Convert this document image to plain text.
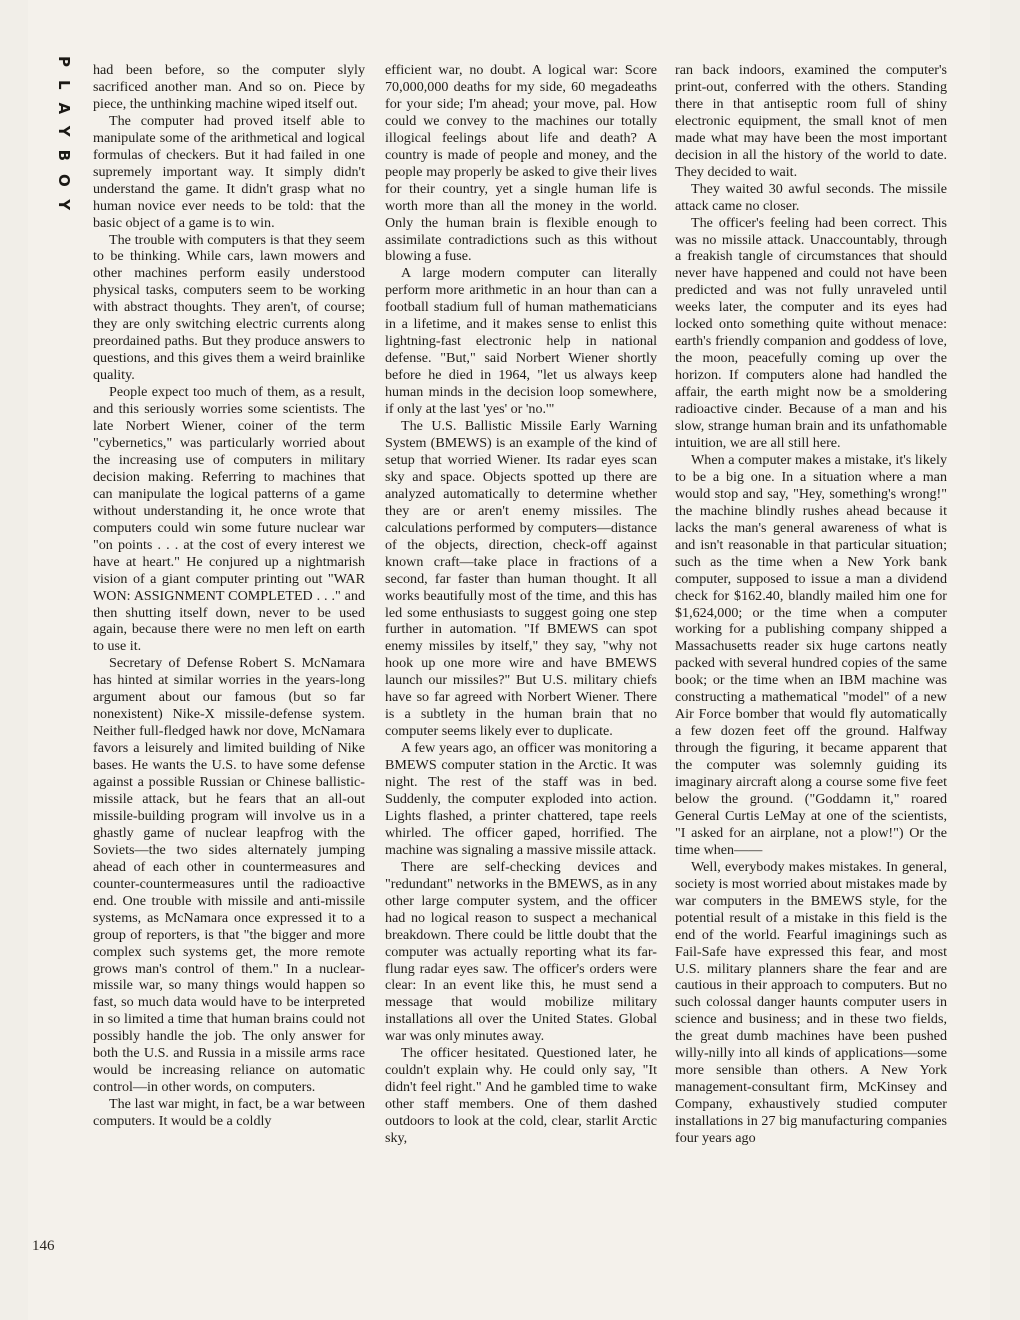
PLAYBOY
146

had been before, so the computer slyly sacrificed another man. And so on. Piece by piece, the unthinking machine wiped itself out.

The computer had proved itself able to manipulate some of the arithmetical and logical formulas of checkers. But it had failed in one supremely important way. It simply didn't understand the game. It didn't grasp what no human novice ever needs to be told: that the basic object of a game is to win.

The trouble with computers is that they seem to be thinking. While cars, lawn mowers and other machines perform easily understood physical tasks, computers seem to be working with abstract thoughts. They aren't, of course; they are only switching electric currents along preordained paths. But they produce answers to questions, and this gives them a weird brainlike quality.

People expect too much of them, as a result, and this seriously worries some scientists. The late Norbert Wiener, coiner of the term "cybernetics," was particularly worried about the increasing use of computers in military decision making. Referring to machines that can manipulate the logical patterns of a game without understanding it, he once wrote that computers could win some future nuclear war "on points . . . at the cost of every interest we have at heart." He conjured up a nightmarish vision of a giant computer printing out "WAR WON: ASSIGNMENT COMPLETED . . ." and then shutting itself down, never to be used again, because there were no men left on earth to use it.

Secretary of Defense Robert S. McNamara has hinted at similar worries in the years-long argument about our famous (but so far nonexistent) Nike-X missile-defense system. Neither full-fledged hawk nor dove, McNamara favors a leisurely and limited building of Nike bases. He wants the U.S. to have some defense against a possible Russian or Chinese ballistic-missile attack, but he fears that an all-out missile-building program will involve us in a ghastly game of nuclear leapfrog with the Soviets—the two sides alternately jumping ahead of each other in countermeasures and counter-countermeasures until the radioactive end. One trouble with missile and anti-missile systems, as McNamara once expressed it to a group of reporters, is that "the bigger and more complex such systems get, the more remote grows man's control of them." In a nuclear-missile war, so many things would happen so fast, so much data would have to be interpreted in so limited a time that human brains could not possibly handle the job. The only answer for both the U.S. and Russia in a missile arms race would be increasing reliance on automatic control—in other words, on computers.

The last war might, in fact, be a war between computers. It would be a coldly

efficient war, no doubt. A logical war: Score 70,000,000 deaths for my side, 60 megadeaths for your side; I'm ahead; your move, pal. How could we convey to the machines our totally illogical feelings about life and death? A country is made of people and money, and the people may properly be asked to give their lives for their country, yet a single human life is worth more than all the money in the world. Only the human brain is flexible enough to assimilate contradictions such as this without blowing a fuse.

A large modern computer can literally perform more arithmetic in an hour than can a football stadium full of human mathematicians in a lifetime, and it makes sense to enlist this lightning-fast electronic help in national defense. "But," said Norbert Wiener shortly before he died in 1964, "let us always keep human minds in the decision loop somewhere, if only at the last 'yes' or 'no.'"

The U.S. Ballistic Missile Early Warning System (BMEWS) is an example of the kind of setup that worried Wiener. Its radar eyes scan sky and space. Objects spotted up there are analyzed automatically to determine whether they are or aren't enemy missiles. The calculations performed by computers—distance of the objects, direction, check-off against known craft—take place in fractions of a second, far faster than human thought. It all works beautifully most of the time, and this has led some enthusiasts to suggest going one step further in automation. "If BMEWS can spot enemy missiles by itself," they say, "why not hook up one more wire and have BMEWS launch our missiles?" But U.S. military chiefs have so far agreed with Norbert Wiener. There is a subtlety in the human brain that no computer seems likely ever to duplicate.

A few years ago, an officer was monitoring a BMEWS computer station in the Arctic. It was night. The rest of the staff was in bed. Suddenly, the computer exploded into action. Lights flashed, a printer chattered, tape reels whirled. The officer gaped, horrified. The machine was signaling a massive missile attack.

There are self-checking devices and "redundant" networks in the BMEWS, as in any other large computer system, and the officer had no logical reason to suspect a mechanical breakdown. There could be little doubt that the computer was actually reporting what its far-flung radar eyes saw. The officer's orders were clear: In an event like this, he must send a message that would mobilize military installations all over the United States. Global war was only minutes away.

The officer hesitated. Questioned later, he couldn't explain why. He could only say, "It didn't feel right." And he gambled time to wake other staff members. One of them dashed outdoors to look at the cold, clear, starlit Arctic sky,

ran back indoors, examined the computer's print-out, conferred with the others. Standing there in that antiseptic room full of shiny electronic equipment, the small knot of men made what may have been the most important decision in all the history of the world to date. They decided to wait.

They waited 30 awful seconds. The missile attack came no closer.

The officer's feeling had been correct. This was no missile attack. Unaccountably, through a freakish tangle of circumstances that should never have happened and could not have been predicted and was not fully unraveled until weeks later, the computer and its eyes had locked onto something quite without menace: earth's friendly companion and goddess of love, the moon, peacefully coming up over the horizon. If computers alone had handled the affair, the earth might now be a smoldering radioactive cinder. Because of a man and his slow, strange human brain and its unfathomable intuition, we are all still here.

When a computer makes a mistake, it's likely to be a big one. In a situation where a man would stop and say, "Hey, something's wrong!" the machine blindly rushes ahead because it lacks the man's general awareness of what is and isn't reasonable in that particular situation; such as the time when a New York bank computer, supposed to issue a man a dividend check for $162.40, blandly mailed him one for $1,624,000; or the time when a computer working for a publishing company shipped a Massachusetts reader six huge cartons neatly packed with several hundred copies of the same book; or the time when an IBM machine was constructing a mathematical "model" of a new Air Force bomber that would fly automatically a few dozen feet off the ground. Halfway through the figuring, it became apparent that the computer was solemnly guiding its imaginary aircraft along a course some five feet below the ground. ("Goddamn it," roared General Curtis LeMay at one of the scientists, "I asked for an airplane, not a plow!") Or the time when——

Well, everybody makes mistakes. In general, society is most worried about mistakes made by war computers in the BMEWS style, for the potential result of a mistake in this field is the end of the world. Fearful imaginings such as Fail-Safe have expressed this fear, and most U.S. military planners share the fear and are cautious in their approach to computers. But no such colossal danger haunts computer users in science and business; and in these two fields, the great dumb machines have been pushed willy-nilly into all kinds of applications—some more sensible than others. A New York management-consultant firm, McKinsey and Company, exhaustively studied computer installations in 27 big manufacturing companies four years ago
